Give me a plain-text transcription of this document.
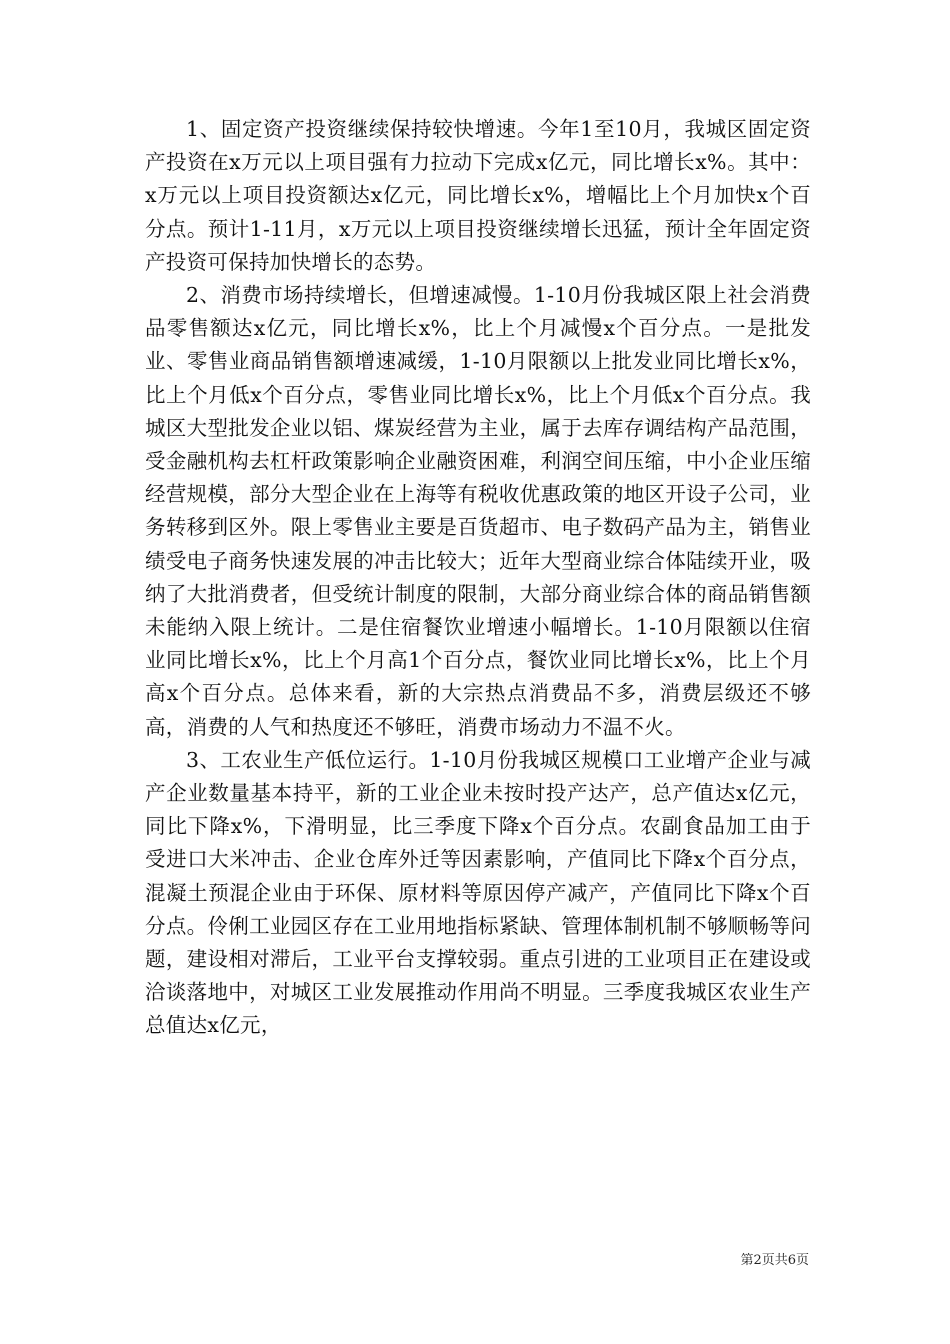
1、固定资产投资继续保持较快增速。今年1至10月，我城区固定资产投资在x万元以上项目强有力拉动下完成x亿元，同比增长x%。其中：x万元以上项目投资额达x亿元，同比增长x%，增幅比上个月加快x个百分点。预计1-11月，x万元以上项目投资继续增长迅猛，预计全年固定资产投资可保持加快增长的态势。

2、消费市场持续增长，但增速减慢。1-10月份我城区限上社会消费品零售额达x亿元，同比增长x%，比上个月减慢x个百分点。一是批发业、零售业商品销售额增速减缓，1-10月限额以上批发业同比增长x%，比上个月低x个百分点，零售业同比增长x%，比上个月低x个百分点。我城区大型批发企业以铝、煤炭经营为主业，属于去库存调结构产品范围，受金融机构去杠杆政策影响企业融资困难，利润空间压缩，中小企业压缩经营规模，部分大型企业在上海等有税收优惠政策的地区开设子公司，业务转移到区外。限上零售业主要是百货超市、电子数码产品为主，销售业绩受电子商务快速发展的冲击比较大；近年大型商业综合体陆续开业，吸纳了大批消费者，但受统计制度的限制，大部分商业综合体的商品销售额未能纳入限上统计。二是住宿餐饮业增速小幅增长。1-10月限额以住宿业同比增长x%，比上个月高1个百分点，餐饮业同比增长x%，比上个月高x个百分点。总体来看，新的大宗热点消费品不多，消费层级还不够高，消费的人气和热度还不够旺，消费市场动力不温不火。

3、工农业生产低位运行。1-10月份我城区规模口工业增产企业与减产企业数量基本持平，新的工业企业未按时投产达产，总产值达x亿元，同比下降x%，下滑明显，比三季度下降x个百分点。农副食品加工由于受进口大米冲击、企业仓库外迁等因素影响，产值同比下降x个百分点，混凝土预混企业由于环保、原材料等原因停产减产，产值同比下降x个百分点。伶俐工业园区存在工业用地指标紧缺、管理体制机制不够顺畅等问题，建设相对滞后，工业平台支撑较弱。重点引进的工业项目正在建设或洽谈落地中，对城区工业发展推动作用尚不明显。三季度我城区农业生产总值达x亿元，

第2页共6页
